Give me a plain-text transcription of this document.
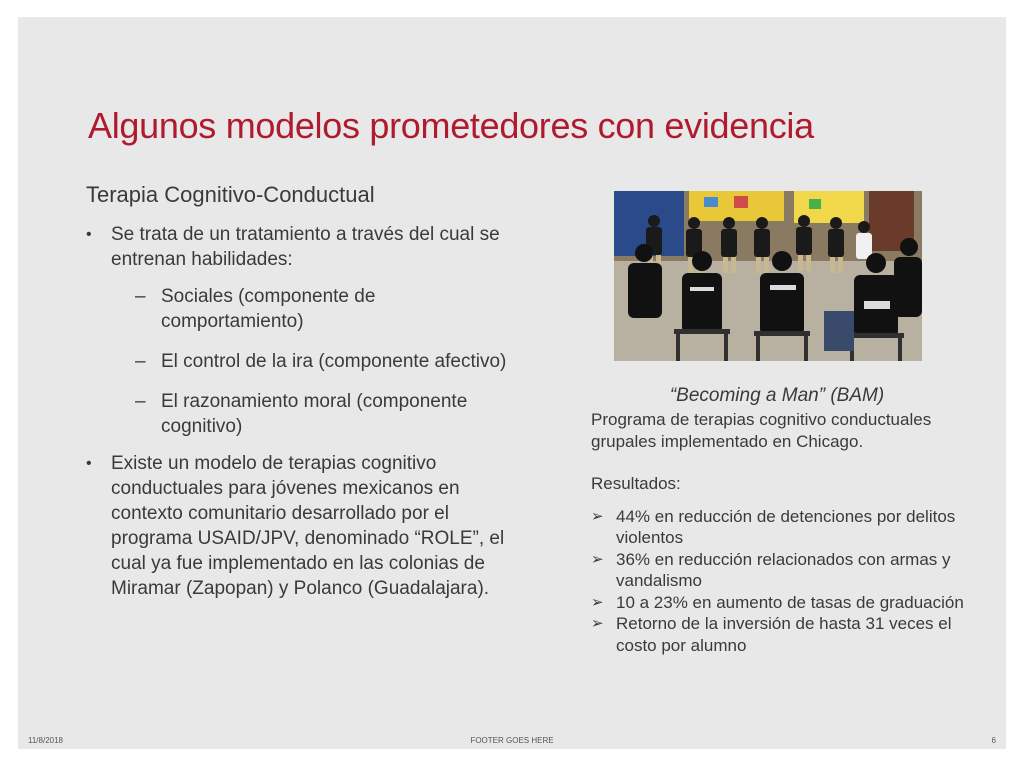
Algunos modelos prometedores con evidencia
Terapia Cognitivo-Conductual
• Se trata de un tratamiento a través del cual se entrenan habilidades:
– Sociales (componente de comportamiento)
– El control de la ira (componente afectivo)
– El razonamiento moral (componente cognitivo)
• Existe un modelo de terapias cognitivo conductuales para jóvenes mexicanos en contexto comunitario desarrollado por el programa USAID/JPV, denominado “ROLE”, el cual ya fue implementado en las colonias de Miramar (Zapopan) y Polanco (Guadalajara).
“Becoming a Man” (BAM)

Programa de terapias cognitivo conductuales grupales implementado en Chicago.

Resultados:

➢ 44% en reducción de detenciones por delitos violentos
➢ 36% en reducción relacionados con armas y vandalismo
➢ 10 a 23% en aumento de tasas de graduación
➢ Retorno de la inversión de hasta 31 veces el costo por alumno
11/8/2018	FOOTER GOES HERE	6
